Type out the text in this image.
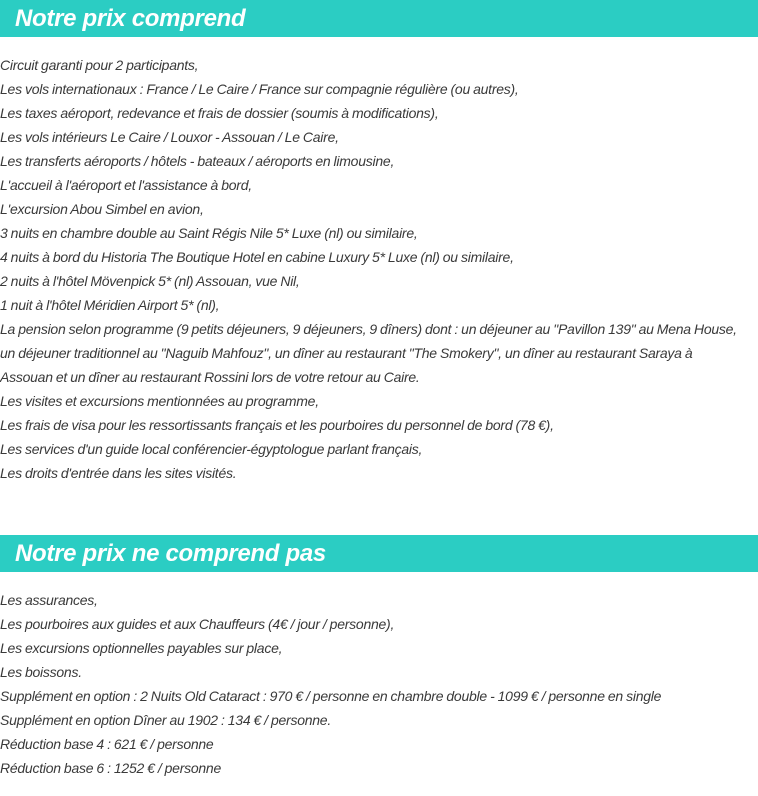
Notre prix comprend
Circuit garanti pour 2 participants,
Les vols internationaux : France / Le Caire / France sur compagnie régulière (ou autres),
Les taxes aéroport, redevance et frais de dossier (soumis à modifications),
Les vols intérieurs Le Caire / Louxor - Assouan / Le Caire,
Les transferts aéroports / hôtels - bateaux / aéroports en limousine,
L'accueil à l'aéroport et l'assistance à bord,
L'excursion Abou Simbel en avion,
3 nuits en chambre double au Saint Régis Nile 5* Luxe (nl) ou similaire,
4 nuits à bord du Historia The Boutique Hotel en cabine Luxury 5* Luxe (nl) ou similaire,
2 nuits à l'hôtel Mövenpick 5* (nl) Assouan, vue Nil,
1 nuit à l'hôtel Méridien Airport 5* (nl),
La pension selon programme (9 petits déjeuners, 9 déjeuners, 9 dîners) dont : un déjeuner au "Pavillon 139" au Mena House, un déjeuner traditionnel au "Naguib Mahfouz", un dîner au restaurant "The Smokery", un dîner au restaurant Saraya à Assouan et un dîner au restaurant Rossini lors de votre retour au Caire.
Les visites et excursions mentionnées au programme,
Les frais de visa pour les ressortissants français et les pourboires du personnel de bord (78 €),
Les services d'un guide local conférencier-égyptologue parlant français,
Les droits d'entrée dans les sites visités.
Notre prix ne comprend pas
Les assurances,
Les pourboires aux guides et aux Chauffeurs (4€ / jour / personne),
Les excursions optionnelles payables sur place,
Les boissons.
Supplément en option : 2 Nuits Old Cataract : 970 € / personne en chambre double - 1099 € / personne en single
Supplément en option Dîner au 1902 : 134 € / personne.
Réduction base 4 : 621 € / personne
Réduction base 6 : 1252 € / personne
